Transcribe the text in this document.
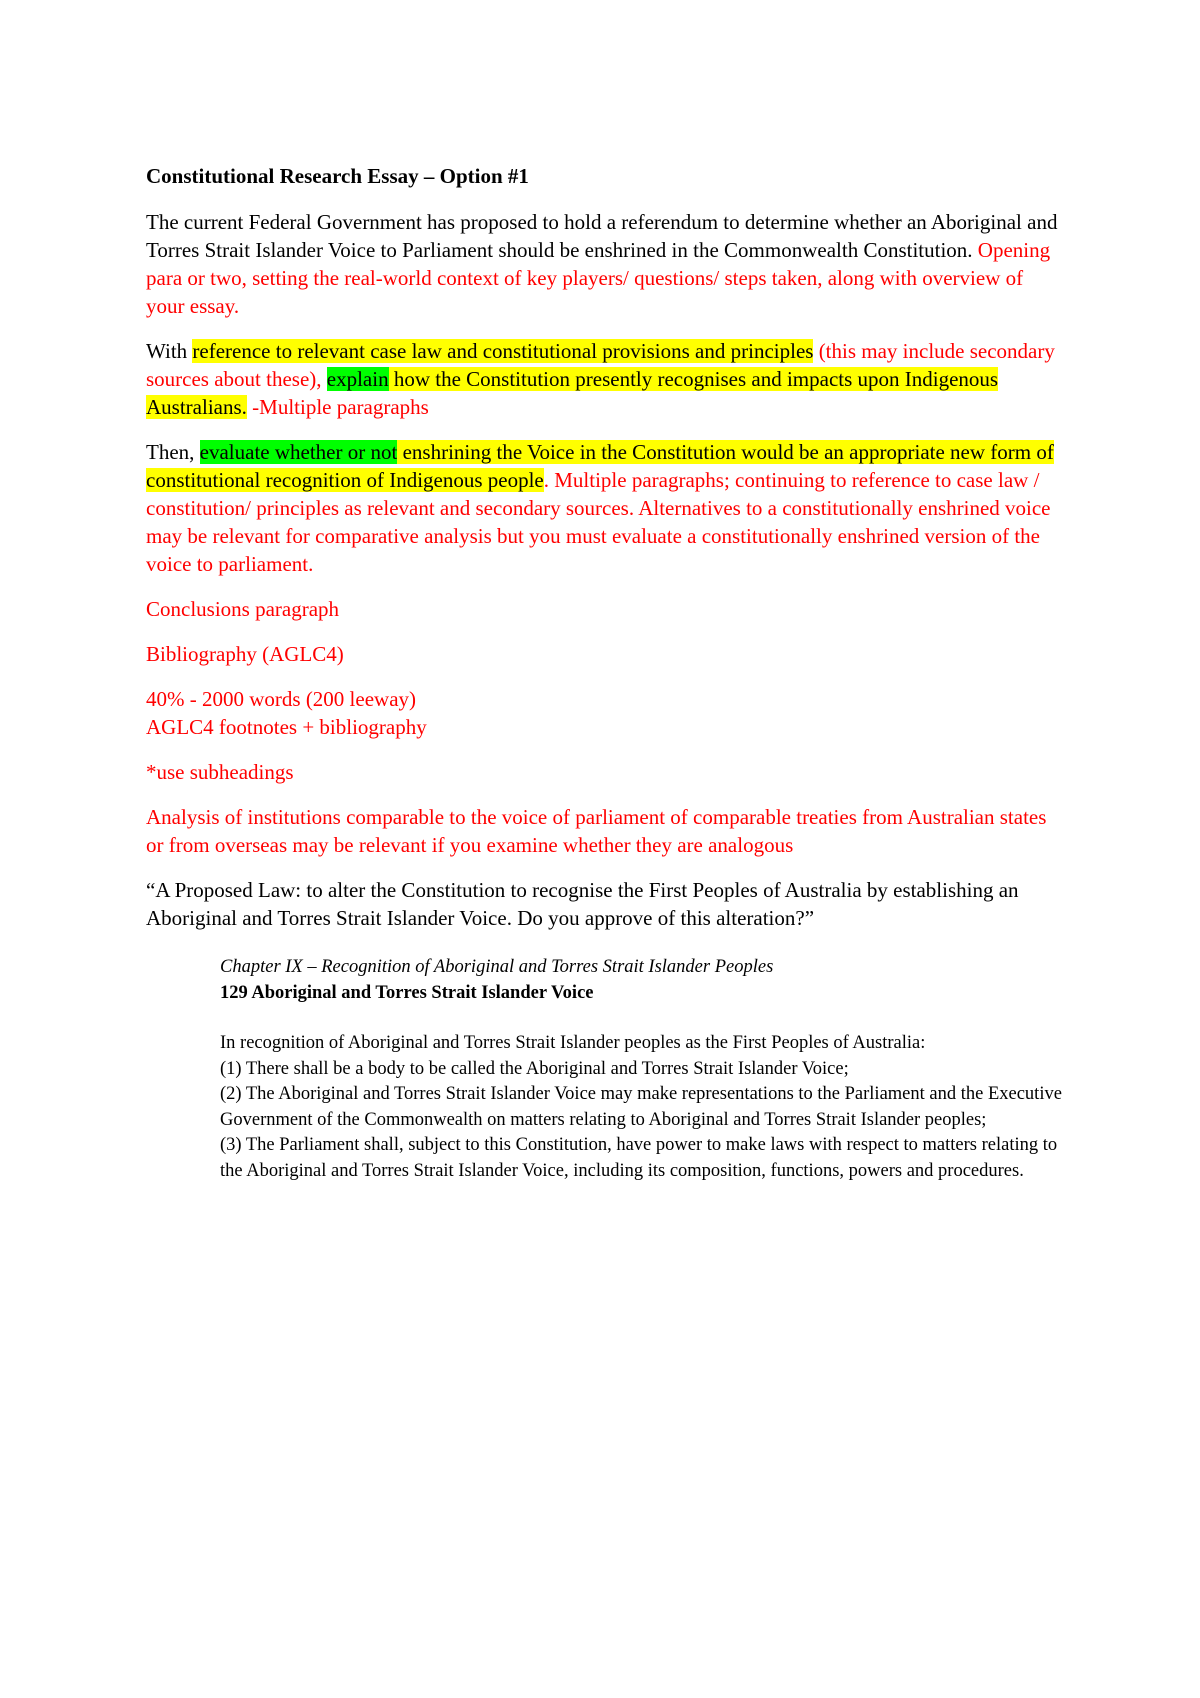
Constitutional Research Essay – Option #1

The current Federal Government has proposed to hold a referendum to determine whether an Aboriginal and Torres Strait Islander Voice to Parliament should be enshrined in the Commonwealth Constitution. Opening para or two, setting the real-world context of key players/ questions/ steps taken, along with overview of your essay.

With reference to relevant case law and constitutional provisions and principles (this may include secondary sources about these), explain how the Constitution presently recognises and impacts upon Indigenous Australians. -Multiple paragraphs

Then, evaluate whether or not enshrining the Voice in the Constitution would be an appropriate new form of constitutional recognition of Indigenous people. Multiple paragraphs; continuing to reference to case law / constitution/ principles as relevant and secondary sources. Alternatives to a constitutionally enshrined voice may be relevant for comparative analysis but you must evaluate a constitutionally enshrined version of the voice to parliament.

Conclusions paragraph

Bibliography (AGLC4)

40% - 2000 words (200 leeway)
AGLC4 footnotes + bibliography

*use subheadings

Analysis of institutions comparable to the voice of parliament of comparable treaties from Australian states or from overseas may be relevant if you examine whether they are analogous

“A Proposed Law: to alter the Constitution to recognise the First Peoples of Australia by establishing an Aboriginal and Torres Strait Islander Voice. Do you approve of this alteration?”

Chapter IX – Recognition of Aboriginal and Torres Strait Islander Peoples
129 Aboriginal and Torres Strait Islander Voice
In recognition of Aboriginal and Torres Strait Islander peoples as the First Peoples of Australia:
(1) There shall be a body to be called the Aboriginal and Torres Strait Islander Voice;
(2) The Aboriginal and Torres Strait Islander Voice may make representations to the Parliament and the Executive Government of the Commonwealth on matters relating to Aboriginal and Torres Strait Islander peoples;
(3) The Parliament shall, subject to this Constitution, have power to make laws with respect to matters relating to the Aboriginal and Torres Strait Islander Voice, including its composition, functions, powers and procedures.
